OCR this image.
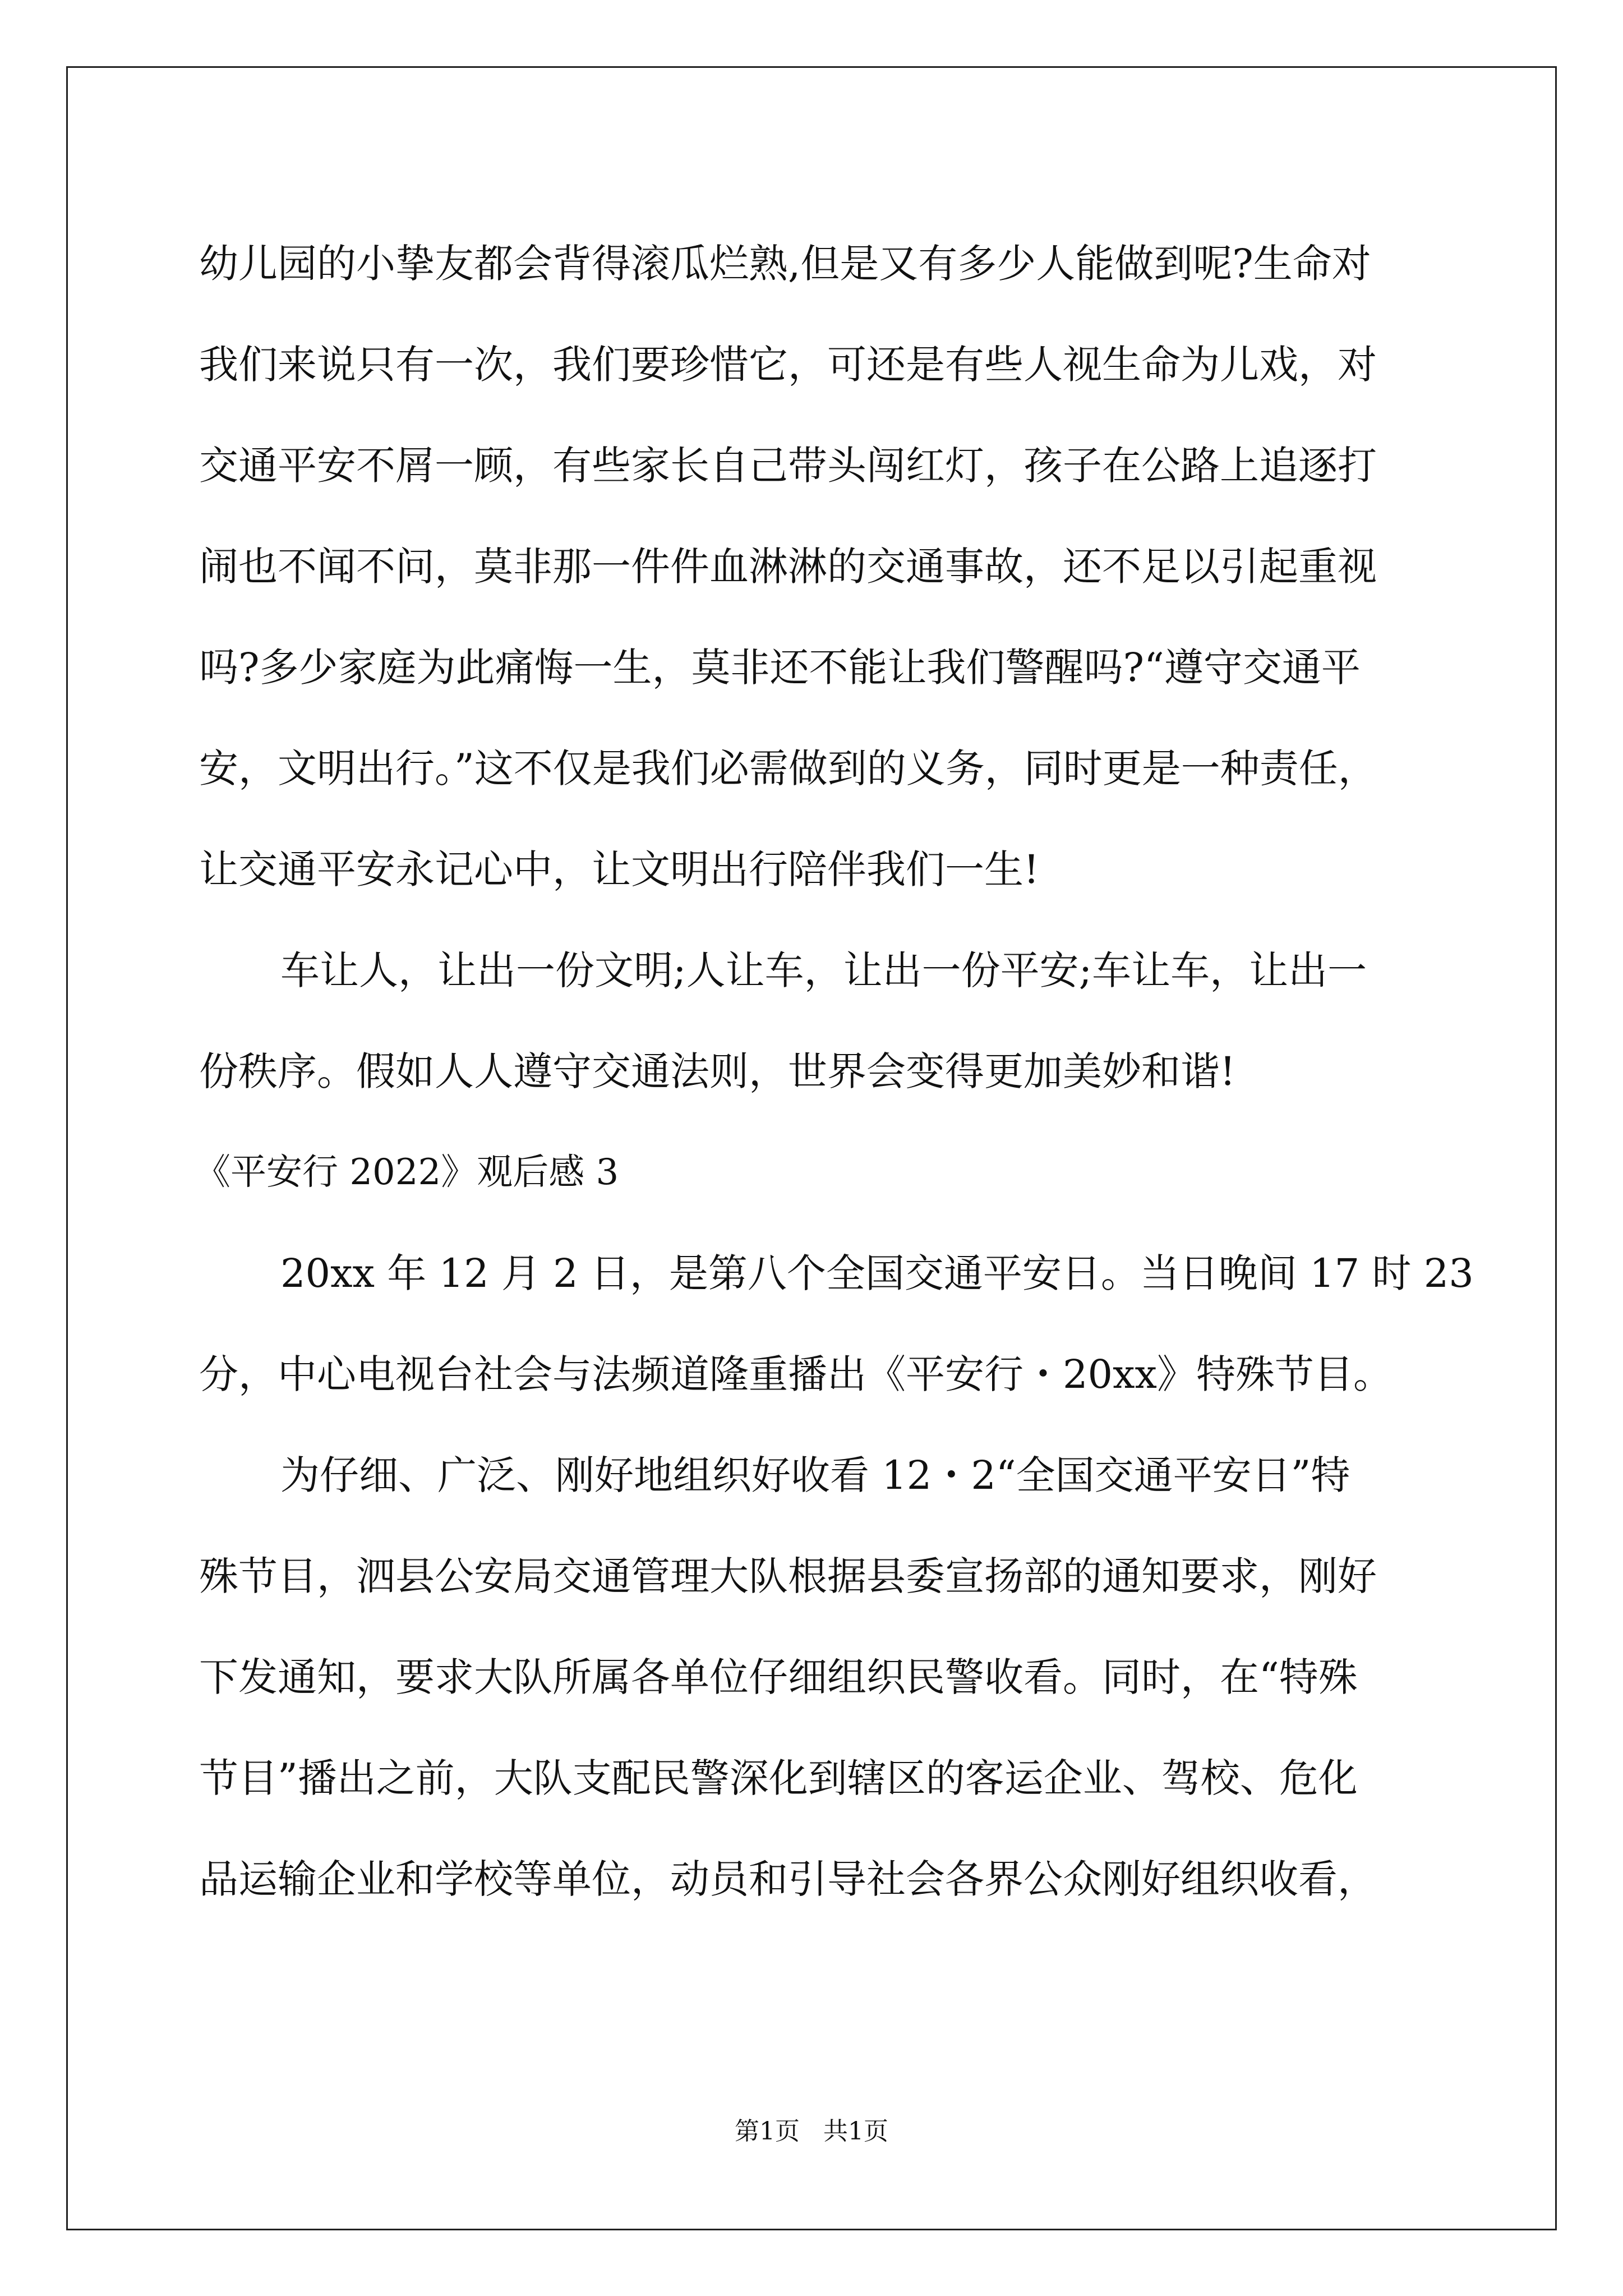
幼儿园的小挚友都会背得滚瓜烂熟,但是又有多少人能做到呢?生命对
我们来说只有一次，我们要珍惜它，可还是有些人视生命为儿戏，对
交通平安不屑一顾，有些家长自己带头闯红灯，孩子在公路上追逐打
闹也不闻不问，莫非那一件件血淋淋的交通事故，还不足以引起重视
吗?多少家庭为此痛悔一生，莫非还不能让我们警醒吗?“遵守交通平
安，文明出行。”这不仅是我们必需做到的义务，同时更是一种责任，
让交通平安永记心中，让文明出行陪伴我们一生!
车让人，让出一份文明;人让车，让出一份平安;车让车，让出一
份秩序。假如人人遵守交通法则，世界会变得更加美妙和谐!
《平安行 2022》观后感 3
20xx 年 12 月 2 日，是第八个全国交通平安日。当日晚间 17 时 23
分，中心电视台社会与法频道隆重播出《平安行・20xx》特殊节目。
为仔细、广泛、刚好地组织好收看 12・2“全国交通平安日”特
殊节目，泗县公安局交通管理大队根据县委宣扬部的通知要求，刚好
下发通知，要求大队所属各单位仔细组织民警收看。同时，在“特殊
节目”播出之前，大队支配民警深化到辖区的客运企业、驾校、危化
品运输企业和学校等单位，动员和引导社会各界公众刚好组织收看，
第1页 共1页
